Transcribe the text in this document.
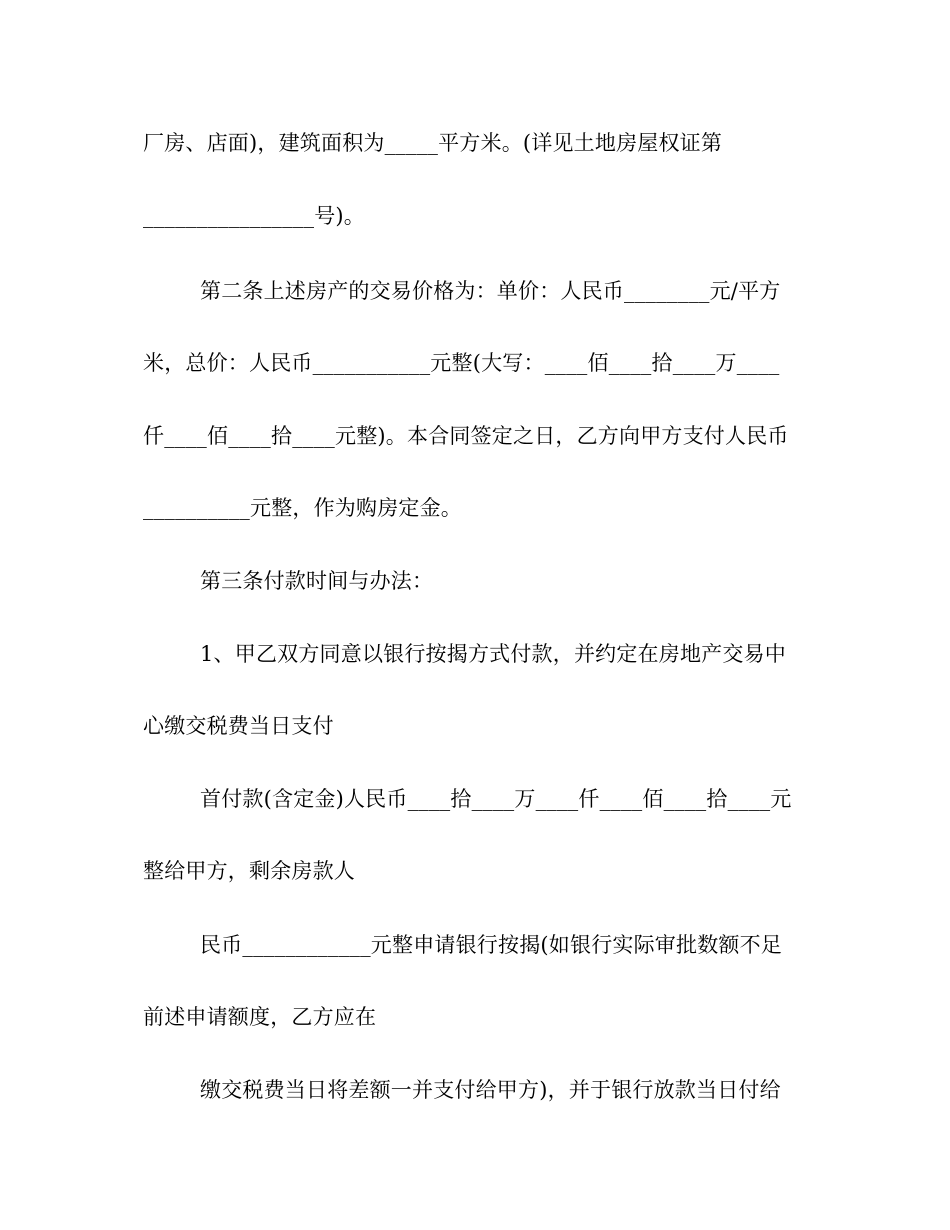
厂房、店面)，建筑面积为_____平方米。(详见土地房屋权证第
________________号)。
第二条上述房产的交易价格为：单价：人民币________元/平方
米，总价：人民币___________元整(大写：____佰____拾____万____
仟____佰____拾____元整)。本合同签定之日，乙方向甲方支付人民币
__________元整，作为购房定金。
第三条付款时间与办法：
1、甲乙双方同意以银行按揭方式付款，并约定在房地产交易中
心缴交税费当日支付
首付款(含定金)人民币____拾____万____仟____佰____拾____元
整给甲方，剩余房款人
民币____________元整申请银行按揭(如银行实际审批数额不足
前述申请额度，乙方应在
缴交税费当日将差额一并支付给甲方)，并于银行放款当日付给
